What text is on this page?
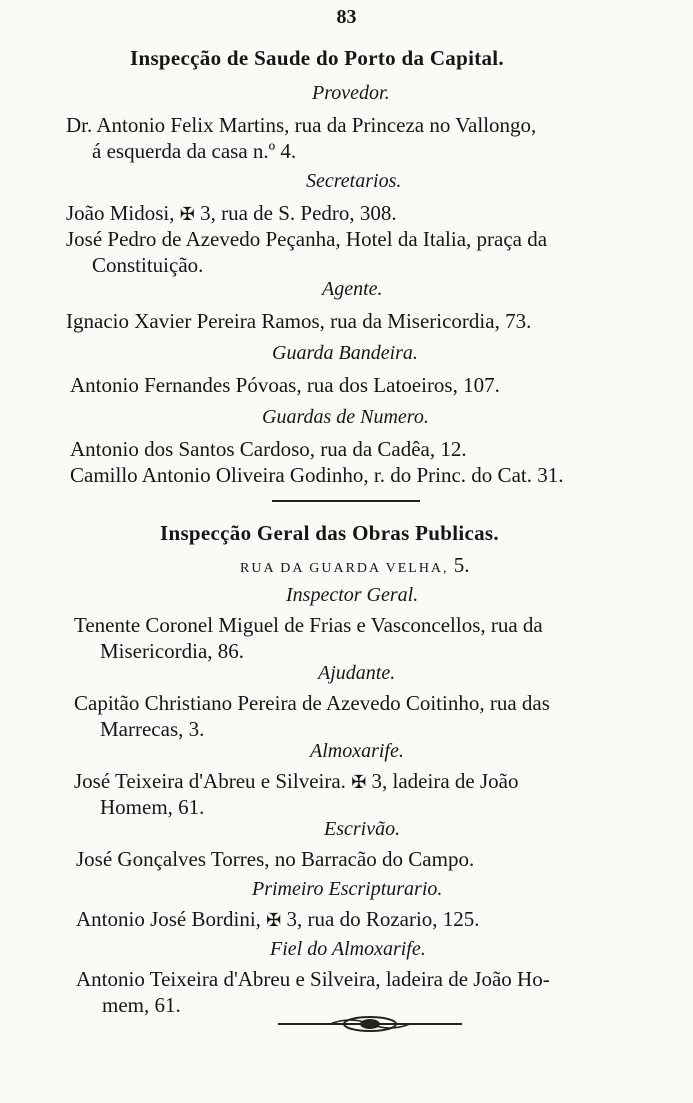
83
Inspecção de Saude do Porto da Capital.
Provedor.
Dr. Antonio Felix Martins, rua da Princeza no Vallongo,
á esquerda da casa n.º 4.
Secretarios.
João Midosi, ✠ 3, rua de S. Pedro, 308.
José Pedro de Azevedo Peçanha, Hotel da Italia, praça da
Constituição.
Agente.
Ignacio Xavier Pereira Ramos, rua da Misericordia, 73.
Guarda Bandeira.
Antonio Fernandes Póvoas, rua dos Latoeiros, 107.
Guardas de Numero.
Antonio dos Santos Cardoso, rua da Cadêa, 12.
Camillo Antonio Oliveira Godinho, r. do Princ. do Cat. 31.
Inspecção Geral das Obras Publicas.
RUA DA GUARDA VELHA, 5.
Inspector Geral.
Tenente Coronel Miguel de Frias e Vasconcellos, rua da
Misericordia, 86.
Ajudante.
Capitão Christiano Pereira de Azevedo Coitinho, rua das
Marrecas, 3.
Almoxarife.
José Teixeira d'Abreu e Silveira. ✠ 3, ladeira de João
Homem, 61.
Escrivão.
José Gonçalves Torres, no Barracão do Campo.
Primeiro Escripturario.
Antonio José Bordini, ✠ 3, rua do Rozario, 125.
Fiel do Almoxarife.
Antonio Teixeira d'Abreu e Silveira, ladeira de João Ho-
mem, 61.
